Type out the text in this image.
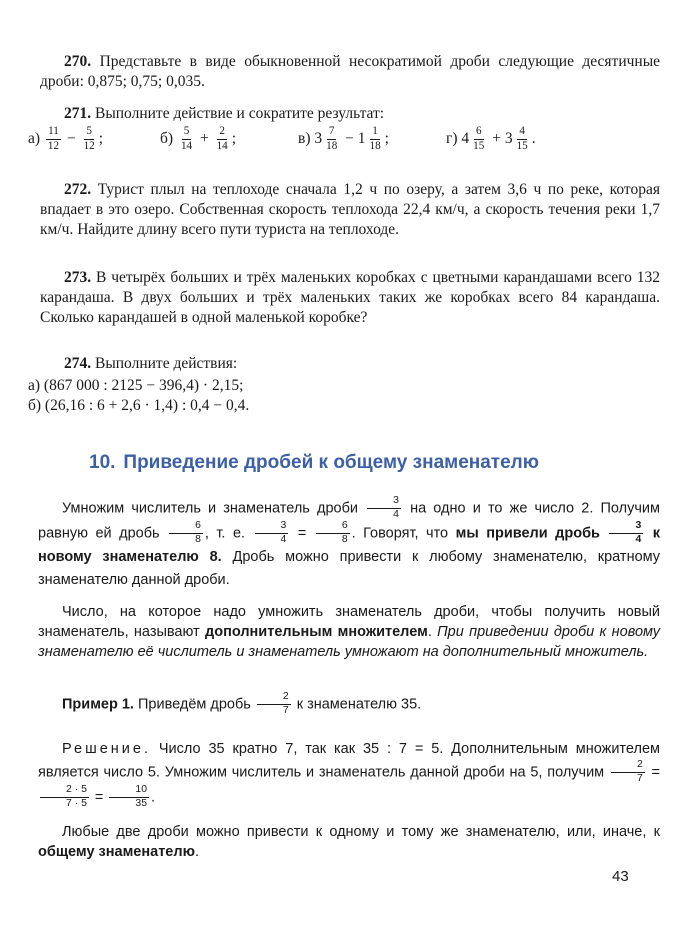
270. Представьте в виде обыкновенной несократимой дроби следующие десятичные дроби: 0,875; 0,75; 0,035.
271. Выполните действие и сократите результат:
$а) \frac{11}{12} - \frac{5}{12}$ ;	$б) \frac{5}{14} + \frac{2}{14}$ ;	в) $3 \frac{7}{18} - 1 \frac{1}{18}$ ;	г) $4 \frac{6}{15} + 3 \frac{4}{15}$ .
272. Турист плыл на теплоходе сначала 1,2 ч по озеру, а затем 3,6 ч по реке, которая впадает в это озеро. Собственная скорость теплохода 22,4 км/ч, а скорость течения реки 1,7 км/ч. Найдите длину всего пути туриста на теплоходе.
273. В четырёх больших и трёх маленьких коробках с цветными карандашами всего 132 карандаша. В двух больших и трёх маленьких таких же коробках всего 84 карандаша. Сколько карандашей в одной маленькой коробке?
274. Выполните действия:
а) (867 000 : 2125 − 396,4) · 2,15;
б) (26,16 : 6 + 2,6 · 1,4) : 0,4 − 0,4.
10. Приведение дробей к общему знаменателю
Умножим числитель и знаменатель дроби $\frac{3}{4}$ на одно и то же число 2. Получим равную ей дробь $\frac{6}{8}$ , т. е. $\frac{3}{4} = \frac{6}{8}$ . Говорят, что мы привели дробь $\frac{3}{4}$ к новому знаменателю 8. Дробь можно привести к любому знаменателю, кратному знаменателю данной дроби.
Число, на которое надо умножить знаменатель дроби, чтобы получить новый знаменатель, называют дополнительным множителем. При приведении дроби к новому знаменателю её числитель и знаменатель умножают на дополнительный множитель.
Пример 1. Приведём дробь $\frac{2}{7}$ к знаменателю 35.
Решение. Число 35 кратно 7, так как 35 : 7 = 5. Дополнительным множителем является число 5. Умножим числитель и знаменатель данной дроби на 5, получим $\frac{2}{7}$ =
$\frac{2 \cdot 5}{7 \cdot 5} = \frac{10}{35}$ .
Любые две дроби можно привести к одному и тому же знаменателю, или, иначе, к общему знаменателю.
43
